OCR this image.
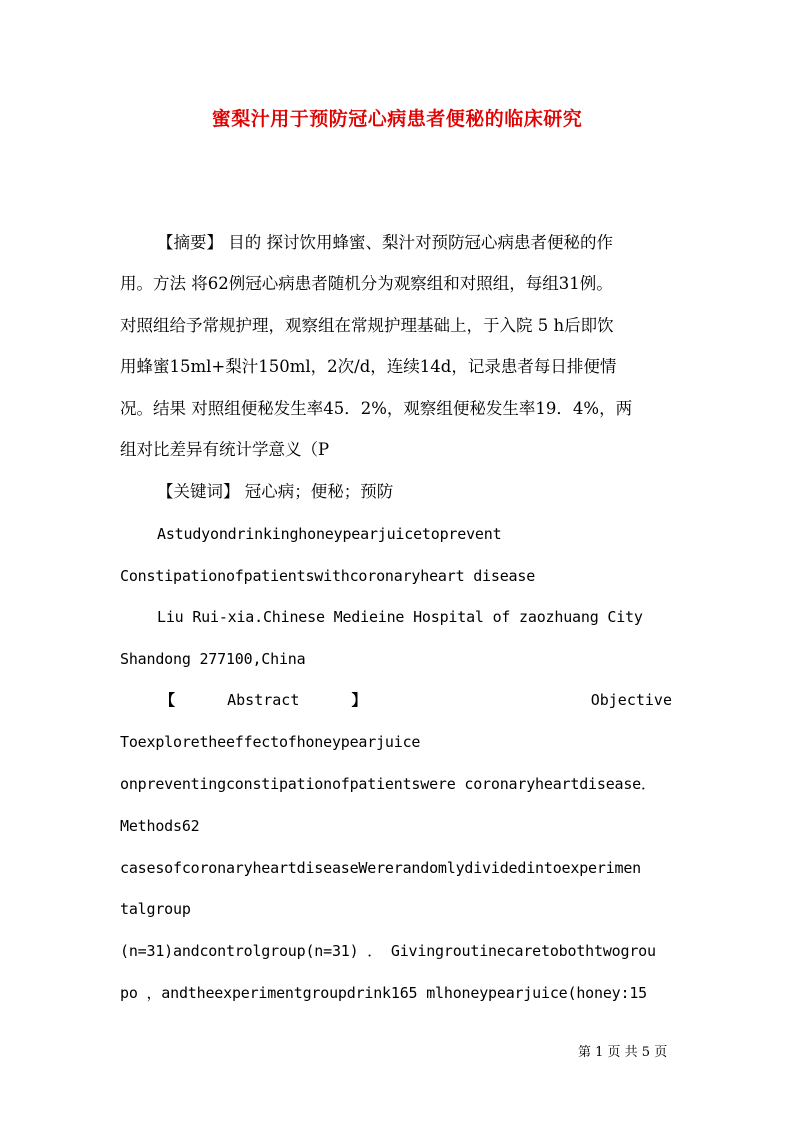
蜜梨汁用于预防冠心病患者便秘的临床研究
【摘要】 目的 探讨饮用蜂蜜、梨汁对预防冠心病患者便秘的作
用。方法 将62例冠心病患者随机分为观察组和对照组，每组31例。
对照组给予常规护理，观察组在常规护理基础上，于入院 5 h后即饮
用蜂蜜15ml+梨汁150ml，2次/d，连续14d，记录患者每日排便情
况。结果 对照组便秘发生率45．2%，观察组便秘发生率19．4%，两
组对比差异有统计学意义（P
【关键词】 冠心病；便秘；预防
Astudyondrinkinghoneypearjuicetoprevent
Constipationofpatientswithcoronaryheart disease
Liu Rui-xia.Chinese Medieine Hospital of zaozhuang City
Shandong 277100,China
【	Abstract	】	Objective
Toexploretheeffectofhoneypearjuice
onpreventingconstipationofpatientswere coronaryheartdisease．
Methods62
casesofcoronaryheartdiseaseWererandomlydividedintoexperimen
talgroup
(n=31)andcontrolgroup(n=31) ． Givingroutinecaretobothtwogrou
po ，andtheexperimentgroupdrink165 mlhoneypearjuice(honey:15
第 1 页 共 5 页
